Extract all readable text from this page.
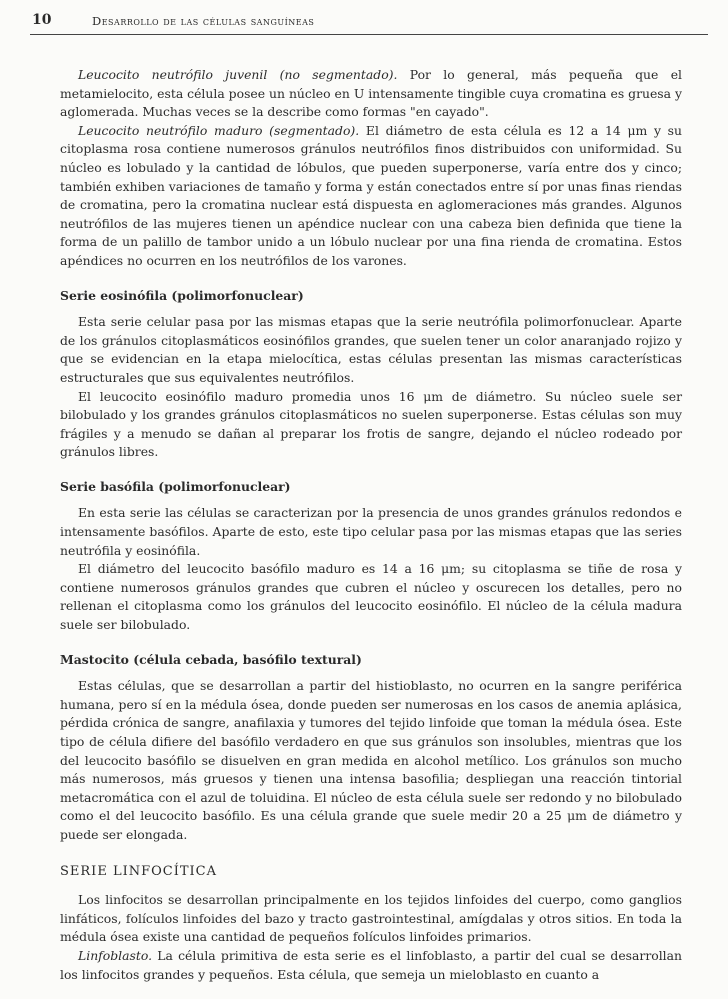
10	Desarrollo de las células sanguíneas

Leucocito neutrófilo juvenil (no segmentado). Por lo general, más pequeña que el metamielocito, esta célula posee un núcleo en U intensamente tingible cuya cromatina es gruesa y aglomerada. Muchas veces se la describe como formas "en cayado".

Leucocito neutrófilo maduro (segmentado). El diámetro de esta célula es 12 a 14 μm y su citoplasma rosa contiene numerosos gránulos neutrófilos finos distribuidos con uniformidad. Su núcleo es lobulado y la cantidad de lóbulos, que pueden superponerse, varía entre dos y cinco; también exhiben variaciones de tamaño y forma y están conectados entre sí por unas finas riendas de cromatina, pero la cromatina nuclear está dispuesta en aglomeraciones más grandes. Algunos neutrófilos de las mujeres tienen un apéndice nuclear con una cabeza bien definida que tiene la forma de un palillo de tambor unido a un lóbulo nuclear por una fina rienda de cromatina. Estos apéndices no ocurren en los neutrófilos de los varones.

Serie eosinófila (polimorfonuclear)

Esta serie celular pasa por las mismas etapas que la serie neutrófila polimorfonuclear. Aparte de los gránulos citoplasmáticos eosinófilos grandes, que suelen tener un color anaranjado rojizo y que se evidencian en la etapa mielocítica, estas células presentan las mismas características estructurales que sus equivalentes neutrófilos.

El leucocito eosinófilo maduro promedia unos 16 μm de diámetro. Su núcleo suele ser bilobulado y los grandes gránulos citoplasmáticos no suelen superponerse. Estas células son muy frágiles y a menudo se dañan al preparar los frotis de sangre, dejando el núcleo rodeado por gránulos libres.

Serie basófila (polimorfonuclear)

En esta serie las células se caracterizan por la presencia de unos grandes gránulos redondos e intensamente basófilos. Aparte de esto, este tipo celular pasa por las mismas etapas que las series neutrófila y eosinófila.

El diámetro del leucocito basófilo maduro es 14 a 16 μm; su citoplasma se tiñe de rosa y contiene numerosos gránulos grandes que cubren el núcleo y oscurecen los detalles, pero no rellenan el citoplasma como los gránulos del leucocito eosinófilo. El núcleo de la célula madura suele ser bilobulado.

Mastocito (célula cebada, basófilo textural)

Estas células, que se desarrollan a partir del histioblasto, no ocurren en la sangre periférica humana, pero sí en la médula ósea, donde pueden ser numerosas en los casos de anemia aplásica, pérdida crónica de sangre, anafilaxia y tumores del tejido linfoide que toman la médula ósea. Este tipo de célula difiere del basófilo verdadero en que sus gránulos son insolubles, mientras que los del leucocito basófilo se disuelven en gran medida en alcohol metílico. Los gránulos son mucho más numerosos, más gruesos y tienen una intensa basofilia; despliegan una reacción tintorial metacromática con el azul de toluidina. El núcleo de esta célula suele ser redondo y no bilobulado como el del leucocito basófilo. Es una célula grande que suele medir 20 a 25 μm de diámetro y puede ser elongada.

SERIE LINFOCÍTICA

Los linfocitos se desarrollan principalmente en los tejidos linfoides del cuerpo, como ganglios linfáticos, folículos linfoides del bazo y tracto gastrointestinal, amígdalas y otros sitios. En toda la médula ósea existe una cantidad de pequeños folículos linfoides primarios.

Linfoblasto. La célula primitiva de esta serie es el linfoblasto, a partir del cual se desarrollan los linfocitos grandes y pequeños. Esta célula, que semeja un mieloblasto en cuanto a
